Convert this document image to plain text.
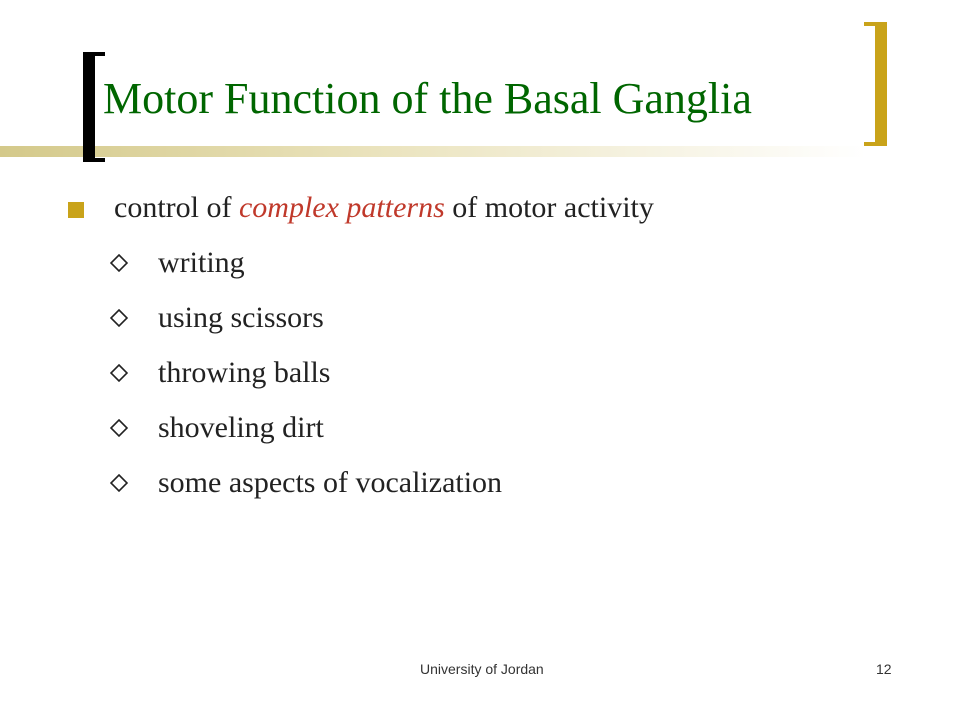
Motor Function of the Basal Ganglia
control of complex patterns of motor activity
writing
using scissors
throwing balls
shoveling dirt
some aspects of vocalization
University of Jordan	12
